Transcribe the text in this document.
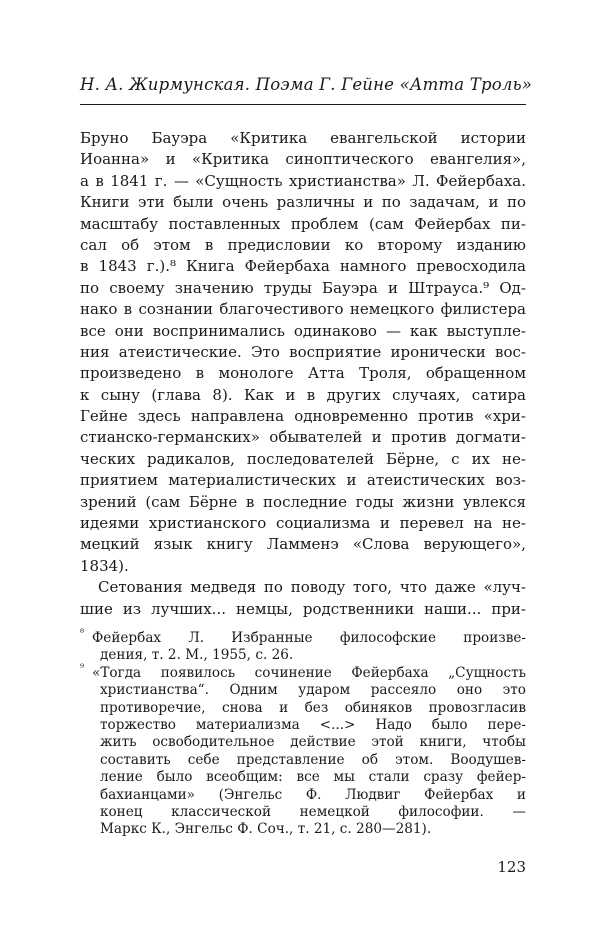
Н. А. Жирмунская. Поэма Г. Гейне «Атта Троль»
Бруно Бауэра «Критика евангельской истории
Иоанна» и «Критика синоптического евангелия»,
а в 1841 г. — «Сущность христианства» Л. Фейербаха.
Книги эти были очень различны и по задачам, и по
масштабу поставленных проблем (сам Фейербах пи-
сал об этом в предисловии ко второму изданию
в 1843 г.).⁸ Книга Фейербаха намного превосходила
по своему значению труды Бауэра и Штрауса.⁹ Од-
нако в сознании благочестивого немецкого филистера
все они воспринимались одинаково — как выступле-
ния атеистические. Это восприятие иронически вос-
произведено в монологе Атта Троля, обращенном
к сыну (глава 8). Как и в других случаях, сатира
Гейне здесь направлена одновременно против «хри-
стианско-германских» обывателей и против догмати-
ческих радикалов, последователей Бёрне, с их не-
приятием материалистических и атеистических воз-
зрений (сам Бёрне в последние годы жизни увлекся
идеями христианского социализма и перевел на не-
мецкий язык книгу Ламменэ «Слова верующего»,
1834).
Сетования медведя по поводу того, что даже «луч-
шие из лучших... немцы, родственники наши... при-
⁸ Фейербах Л. Избранные философские произве-
дения, т. 2. М., 1955, с. 26.
⁹ «Тогда появилось сочинение Фейербаха „Сущность
христианства“. Одним ударом рассеяло оно это
противоречие, снова и без обиняков провозгласив
торжество материализма <...> Надо было пере-
жить освободительное действие этой книги, чтобы
составить себе представление об этом. Воодушев-
ление было всеобщим: все мы стали сразу фейер-
бахианцами» (Энгельс Ф. Людвиг Фейербах и
конец классической немецкой философии. —
Маркс К., Энгельс Ф. Соч., т. 21, с. 280—281).
123
